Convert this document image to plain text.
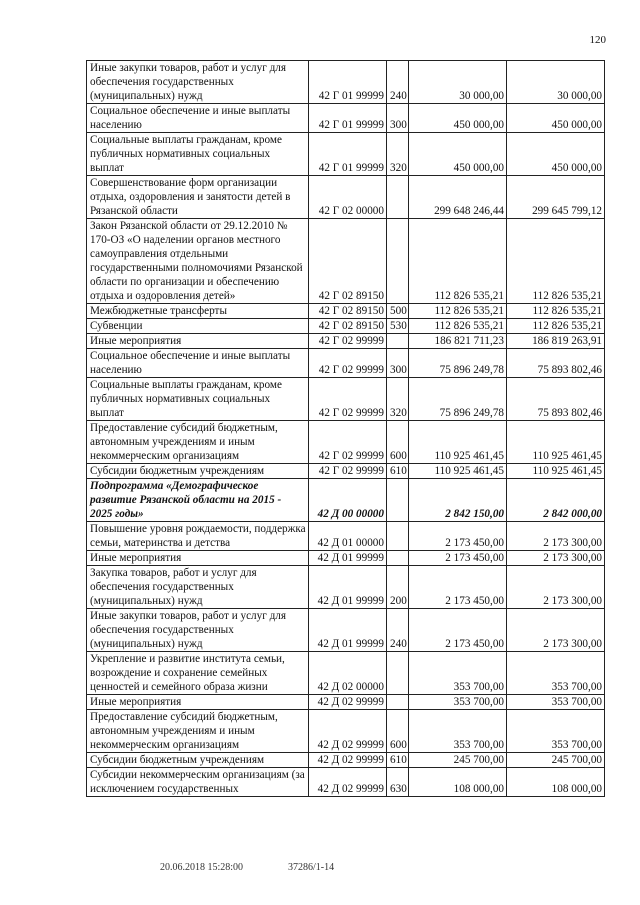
120
Иные закупки товаров, работ и услуг для обеспечения государственных (муниципальных) нужд	42 Г 01 99999	240	30 000,00	30 000,00
Социальное обеспечение и иные выплаты населению	42 Г 01 99999	300	450 000,00	450 000,00
Социальные выплаты гражданам, кроме публичных нормативных социальных выплат	42 Г 01 99999	320	450 000,00	450 000,00
Совершенствование форм организации отдыха, оздоровления и занятости детей в Рязанской области	42 Г 02 00000		299 648 246,44	299 645 799,12
Закон Рязанской области от 29.12.2010 № 170-ОЗ «О наделении органов местного самоуправления отдельными государственными полномочиями Рязанской области по организации и обеспечению отдыха и оздоровления детей»	42 Г 02 89150		112 826 535,21	112 826 535,21
Межбюджетные трансферты	42 Г 02 89150	500	112 826 535,21	112 826 535,21
Субвенции	42 Г 02 89150	530	112 826 535,21	112 826 535,21
Иные мероприятия	42 Г 02 99999		186 821 711,23	186 819 263,91
Социальное обеспечение и иные выплаты населению	42 Г 02 99999	300	75 896 249,78	75 893 802,46
Социальные выплаты гражданам, кроме публичных нормативных социальных выплат	42 Г 02 99999	320	75 896 249,78	75 893 802,46
Предоставление субсидий бюджетным, автономным учреждениям и иным некоммерческим организациям	42 Г 02 99999	600	110 925 461,45	110 925 461,45
Субсидии бюджетным учреждениям	42 Г 02 99999	610	110 925 461,45	110 925 461,45
Подпрограмма «Демографическое развитие Рязанской области на 2015 - 2025 годы»	42 Д 00 00000		2 842 150,00	2 842 000,00
Повышение уровня рождаемости, поддержка семьи, материнства и детства	42 Д 01 00000		2 173 450,00	2 173 300,00
Иные мероприятия	42 Д 01 99999		2 173 450,00	2 173 300,00
Закупка товаров, работ и услуг для обеспечения государственных (муниципальных) нужд	42 Д 01 99999	200	2 173 450,00	2 173 300,00
Иные закупки товаров, работ и услуг для обеспечения государственных (муниципальных) нужд	42 Д 01 99999	240	2 173 450,00	2 173 300,00
Укрепление и развитие института семьи, возрождение и сохранение семейных ценностей и семейного образа жизни	42 Д 02 00000		353 700,00	353 700,00
Иные мероприятия	42 Д 02 99999		353 700,00	353 700,00
Предоставление субсидий бюджетным, автономным учреждениям и иным некоммерческим организациям	42 Д 02 99999	600	353 700,00	353 700,00
Субсидии бюджетным учреждениям	42 Д 02 99999	610	245 700,00	245 700,00
Субсидии некоммерческим организациям (за исключением государственных	42 Д 02 99999	630	108 000,00	108 000,00
20.06.2018 15:28:00	37286/1-14
